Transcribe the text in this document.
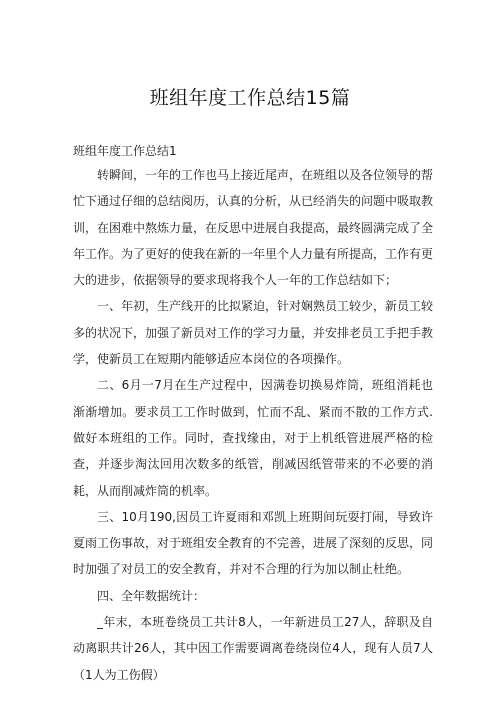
班组年度工作总结15篇
班组年度工作总结1

转瞬间，一年的工作也马上接近尾声，在班组以及各位领导的帮忙下通过仔细的总结阅历，认真的分析，从已经消失的问题中吸取教训，在困难中熬炼力量，在反思中进展自我提高，最终圆满完成了全年工作。为了更好的使我在新的一年里个人力量有所提高，工作有更大的进步，依据领导的要求现将我个人一年的工作总结如下；

一、年初，生产线开的比拟紧迫，针对娴熟员工较少，新员工较多的状况下，加强了新员对工作的学习力量，并安排老员工手把手教学，使新员工在短期内能够适应本岗位的各项操作。

二、6月一7月在生产过程中，因满卷切换易炸筒，班组消耗也渐渐增加。要求员工工作时做到，忙而不乱、紧而不散的工作方式.做好本班组的工作。同时，查找缘由，对于上机纸管进展严格的检查，并逐步淘汰回用次数多的纸管，削减因纸管带来的不必要的消耗，从而削减炸筒的机率。

三、10月190,因员工许夏雨和邓凯上班期间玩耍打闹，导致许夏雨工伤事故，对于班组安全教育的不完善，进展了深刻的反思，同时加强了对员工的安全教育，并对不合理的行为加以制止杜绝。

四、全年数据统计：

_年末，本班卷绕员工共计8人，一年新进员工27人，辞职及自动离职共计26人，其中因工作需要调离卷绕岗位4人，现有人员7人（1人为工伤假）
